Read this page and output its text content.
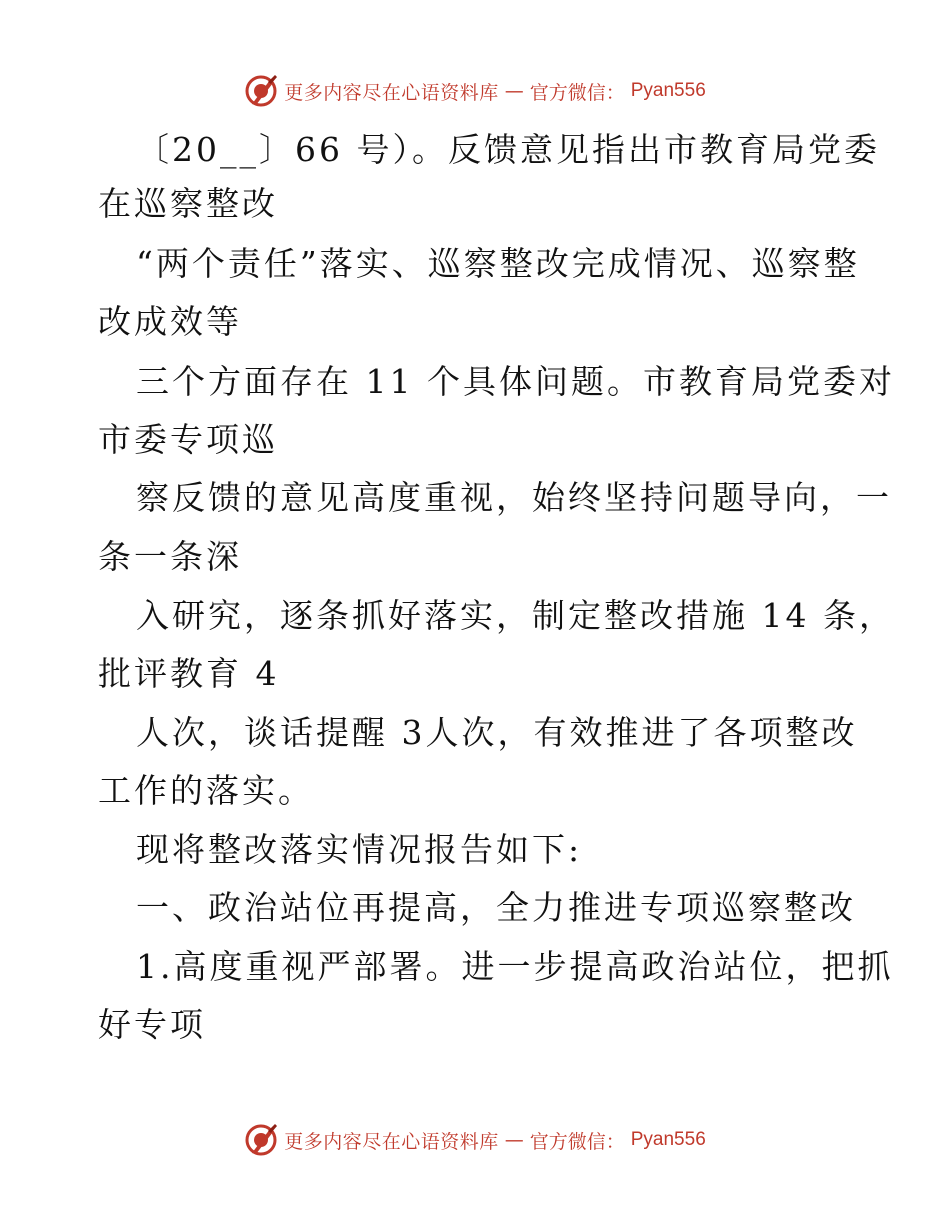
更多内容尽在心语资料库 — 官方微信： Pyan556
〔20__〕66 号）。反馈意见指出市教育局党委
在巡察整改
“两个责任”落实、巡察整改完成情况、巡察整
改成效等
三个方面存在 11 个具体问题。市教育局党委对
市委专项巡
察反馈的意见高度重视，始终坚持问题导向，一
条一条深
入研究，逐条抓好落实，制定整改措施 14 条，
批评教育 4
人次，谈话提醒 3人次，有效推进了各项整改
工作的落实。
现将整改落实情况报告如下:
一、政治站位再提高，全力推进专项巡察整改
1.高度重视严部署。进一步提高政治站位，把抓
好专项
更多内容尽在心语资料库 — 官方微信： Pyan556
